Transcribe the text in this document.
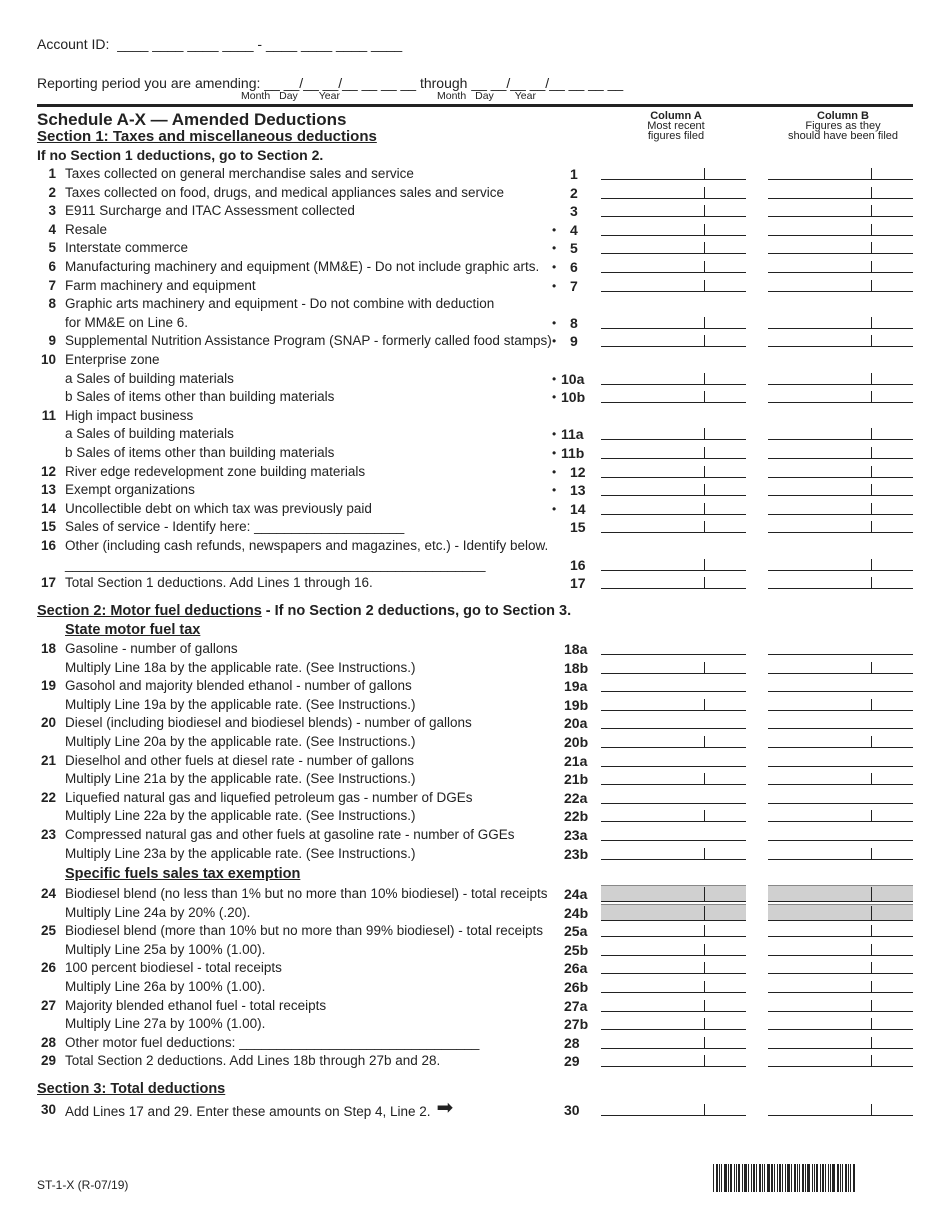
Account ID: ____ ____ ____ ____ - ____ ____ ____ ____
Reporting period you are amending: __ __/__ __/__ __ __ __ through __ __/__ __/__ __ __ __
Month Day Year	Month Day Year
Schedule A-X — Amended Deductions
Section 1: Taxes and miscellaneous deductions
If no Section 1 deductions, go to Section 2.
Column A
Most recent
figures filed
Column B
Figures as they
should have been filed
1 Taxes collected on general merchandise sales and service	1
2 Taxes collected on food, drugs, and medical appliances sales and service	2
3 E911 Surcharge and ITAC Assessment collected	3
4 Resale	• 4
5 Interstate commerce	• 5
6 Manufacturing machinery and equipment (MM&E) - Do not include graphic arts. • 6
7 Farm machinery and equipment	• 7
8 Graphic arts machinery and equipment - Do not combine with deduction
for MM&E on Line 6.	• 8
9 Supplemental Nutrition Assistance Program (SNAP - formerly called food stamps) • 9
10 Enterprise zone
a Sales of building materials	• 10a
b Sales of items other than building materials	• 10b
11 High impact business
a Sales of building materials	• 11a
b Sales of items other than building materials	• 11b
12 River edge redevelopment zone building materials	• 12
13 Exempt organizations	• 13
14 Uncollectible debt on which tax was previously paid	• 14
15 Sales of service - Identify here: ____________________	15
16 Other (including cash refunds, newspapers and magazines, etc.) - Identify below.
________________________________________________________	16
17 Total Section 1 deductions. Add Lines 1 through 16.	17
Section 2: Motor fuel deductions - If no Section 2 deductions, go to Section 3.
State motor fuel tax
18 Gasoline - number of gallons	18a
Multiply Line 18a by the applicable rate. (See Instructions.)	18b
19 Gasohol and majority blended ethanol - number of gallons	19a
Multiply Line 19a by the applicable rate. (See Instructions.)	19b
20 Diesel (including biodiesel and biodiesel blends) - number of gallons	20a
Multiply Line 20a by the applicable rate. (See Instructions.)	20b
21 Dieselhol and other fuels at diesel rate - number of gallons	21a
Multiply Line 21a by the applicable rate. (See Instructions.)	21b
22 Liquefied natural gas and liquefied petroleum gas - number of DGEs	22a
Multiply Line 22a by the applicable rate. (See Instructions.)	22b
23 Compressed natural gas and other fuels at gasoline rate - number of GGEs	23a
Multiply Line 23a by the applicable rate. (See Instructions.)	23b
Specific fuels sales tax exemption
24 Biodiesel blend (no less than 1% but no more than 10% biodiesel) - total receipts 24a
Multiply Line 24a by 20% (.20).	24b
25 Biodiesel blend (more than 10% but no more than 99% biodiesel) - total receipts 25a
Multiply Line 25a by 100% (1.00).	25b
26 100 percent biodiesel - total receipts	26a
Multiply Line 26a by 100% (1.00).	26b
27 Majority blended ethanol fuel - total receipts	27a
Multiply Line 27a by 100% (1.00).	27b
28 Other motor fuel deductions: ________________________________	28
29 Total Section 2 deductions. Add Lines 18b through 27b and 28.	29
Section 3: Total deductions
30 Add Lines 17 and 29. Enter these amounts on Step 4, Line 2. ➡	30
ST-1-X (R-07/19)
